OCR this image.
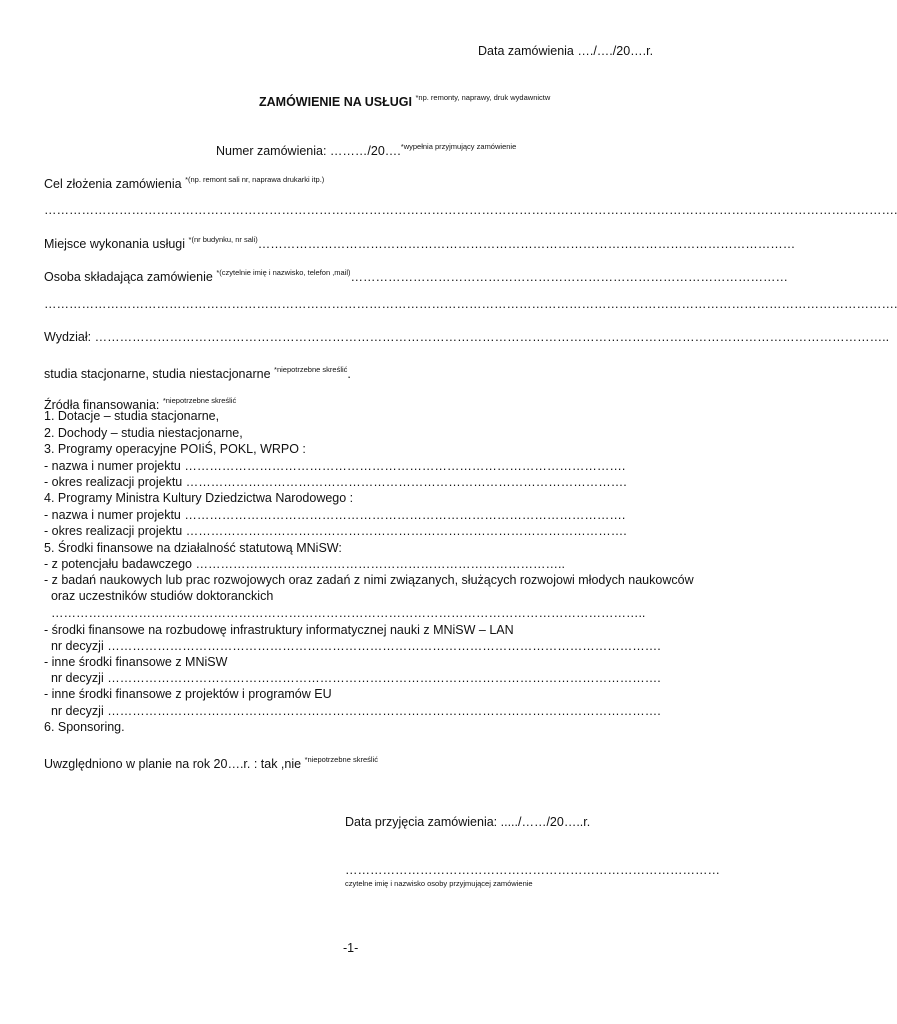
Data zamówienia …./…./20….r.
ZAMÓWIENIE NA USŁUGI $^{*np. remonty, naprawy, druk wydawnictw}$
Numer zamówienia: ………/20….$^{*wypełnia przyjmujący zamówienie}$
Cel złożenia zamówienia $^{*(np. remont sali nr, naprawa drukarki itp.)}$
…………………………………………………………………………………………………………………………………………………………………………………….
Miejsce wykonania usługi $^{*(nr budynku, nr sali)}$…………………………………………………………………………………………………………………
Osoba składająca zamówienie $^{*(czytelnie imię i nazwisko, telefon ,mail)}$……………………………………………………………………………………………
…………………………………………………………………………………………………………………………………………………………………………………….
Wydział: ………………………………………………………………………………………………………………………………………………………………………..
studia stacjonarne, studia niestacjonarne $^{*niepotrzebne skreślić}$.
Źródła finansowania: $^{*niepotrzebne skreślić}$
1. Dotacje – studia stacjonarne,
2. Dochody – studia niestacjonarne,
3. Programy operacyjne POIiŚ, POKL, WRPO :
- nazwa i numer projektu …………………………………………………………………………………………….
- okres realizacji projektu …………………………………………………………………………………………….
4. Programy Ministra Kultury Dziedzictwa Narodowego :
- nazwa i numer projektu …………………………………………………………………………………………….
- okres realizacji projektu …………………………………………………………………………………………….
5. Środki finansowe na działalność statutową MNiSW:
- z potencjału badawczego ……………………………………………………………………………..
- z badań naukowych lub prac rozwojowych oraz zadań z nimi związanych, służących rozwojowi młodych naukowców
oraz uczestników studiów doktoranckich
……………………………………………………………………………………………………………………………..
- środki finansowe na rozbudowę infrastruktury informatycznej nauki z MNiSW – LAN
nr decyzji …………………………………………………………………………………………………………………….
- inne środki finansowe z MNiSW
nr decyzji …………………………………………………………………………………………………………………….
- inne środki finansowe z projektów i programów EU
nr decyzji …………………………………………………………………………………………………………………….
6. Sponsoring.
Uwzględniono w planie na rok 20….r. : tak ,nie $^{*niepotrzebne skreślić}$
Data przyjęcia zamówienia: ...../……/20…..r.
………………………………………………………………………………
czytelne imię i nazwisko osoby przyjmującej zamówienie
-1-
